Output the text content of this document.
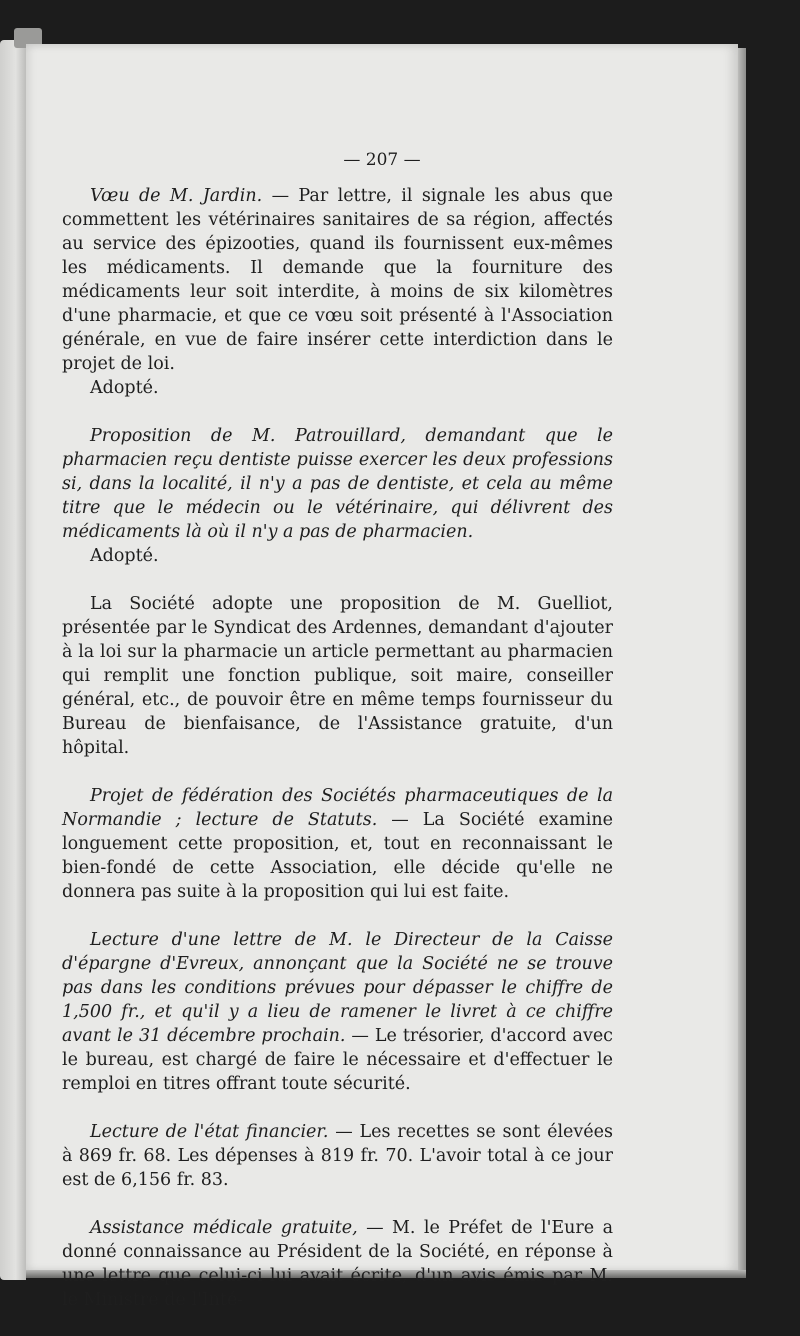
— 207 —

Vœu de M. Jardin. — Par lettre, il signale les abus que commettent les vétérinaires sanitaires de sa région, affectés au service des épizooties, quand ils fournissent eux-mêmes les médicaments. Il demande que la fourniture des médicaments leur soit interdite, à moins de six kilomètres d'une pharmacie, et que ce vœu soit présenté à l'Association générale, en vue de faire insérer cette interdiction dans le projet de loi.

Adopté.

Proposition de M. Patrouillard, demandant que le pharmacien reçu dentiste puisse exercer les deux professions si, dans la localité, il n'y a pas de dentiste, et cela au même titre que le médecin ou le vétérinaire, qui délivrent des médicaments là où il n'y a pas de pharmacien.

Adopté.

La Société adopte une proposition de M. Guelliot, présentée par le Syndicat des Ardennes, demandant d'ajouter à la loi sur la pharmacie un article permettant au pharmacien qui remplit une fonction publique, soit maire, conseiller général, etc., de pouvoir être en même temps fournisseur du Bureau de bienfaisance, de l'Assistance gratuite, d'un hôpital.

Projet de fédération des Sociétés pharmaceutiques de la Normandie ; lecture de Statuts. — La Société examine longuement cette proposition, et, tout en reconnaissant le bien-fondé de cette Association, elle décide qu'elle ne donnera pas suite à la proposition qui lui est faite.

Lecture d'une lettre de M. le Directeur de la Caisse d'épargne d'Evreux, annonçant que la Société ne se trouve pas dans les conditions prévues pour dépasser le chiffre de 1,500 fr., et qu'il y a lieu de ramener le livret à ce chiffre avant le 31 décembre prochain. — Le trésorier, d'accord avec le bureau, est chargé de faire le nécessaire et d'effectuer le remploi en titres offrant toute sécurité.

Lecture de l'état financier. — Les recettes se sont élevées à 869 fr. 68. Les dépenses à 819 fr. 70. L'avoir total à ce jour est de 6,156 fr. 83.

Assistance médicale gratuite, — M. le Préfet de l'Eure a donné connaissance au Président de la Société, en réponse à une lettre que celui-ci lui avait écrite, d'un avis émis par M. le Ministre de l'Inté-
